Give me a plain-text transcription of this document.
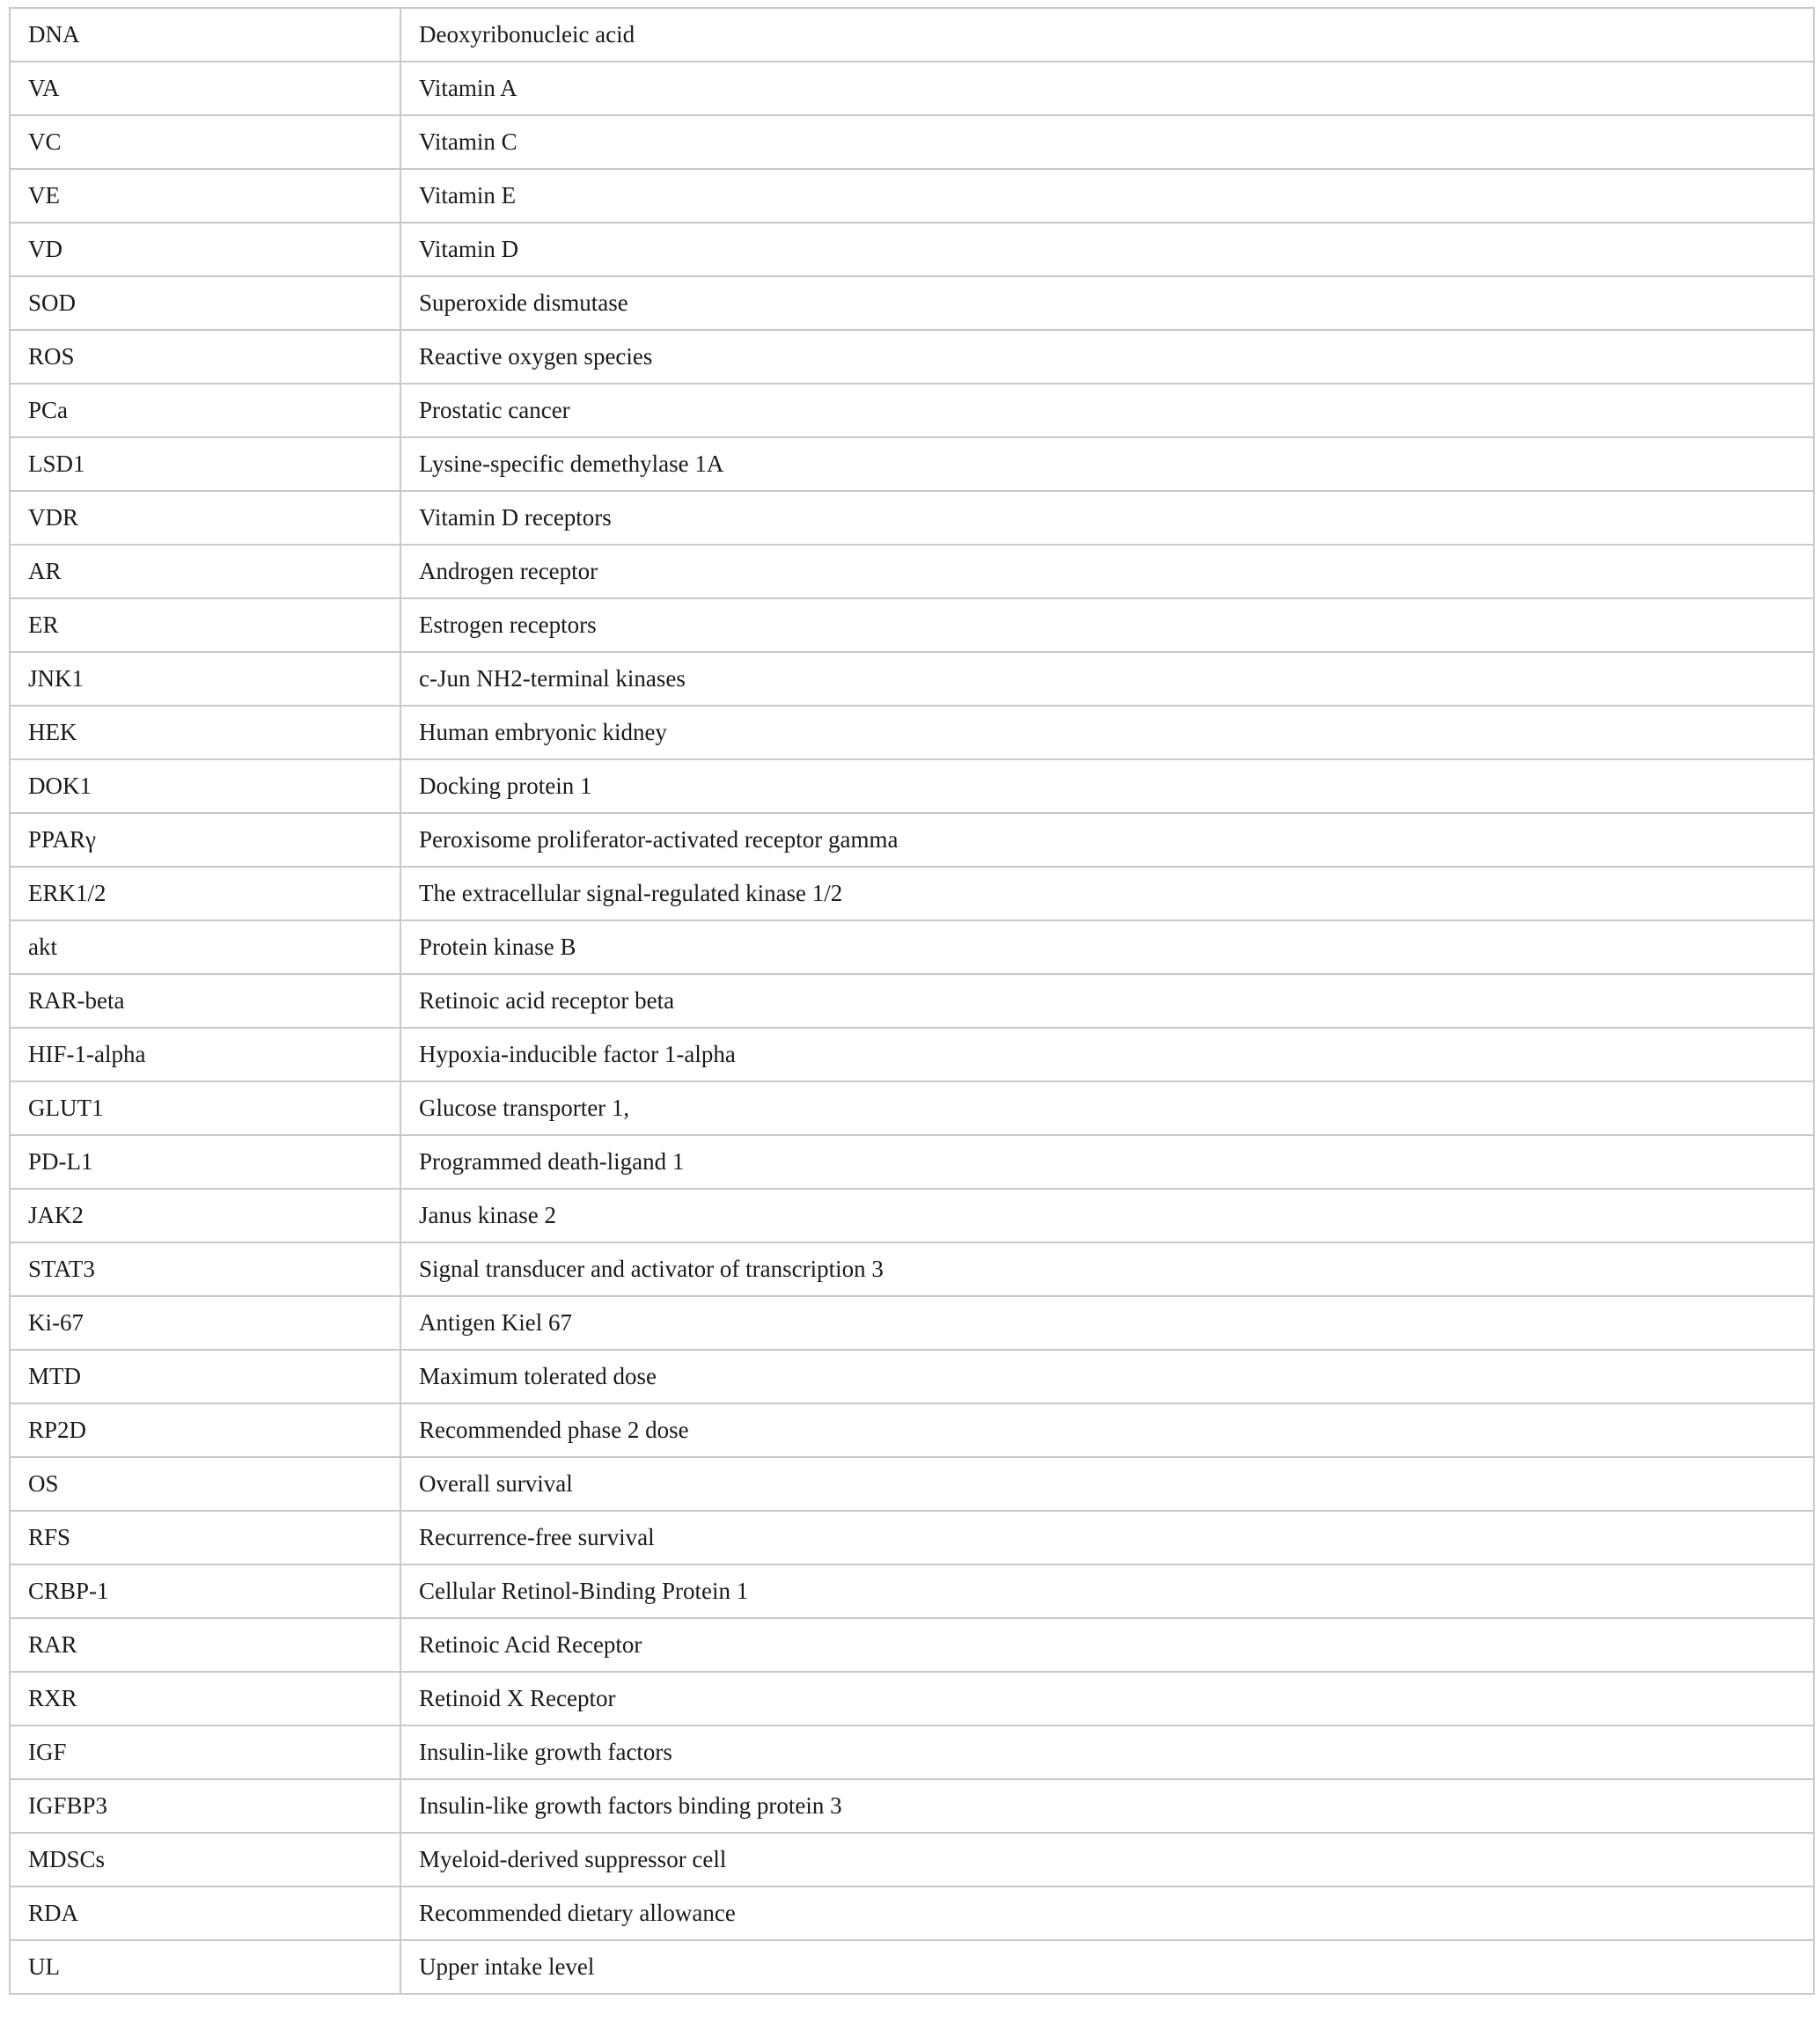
DNA	Deoxyribonucleic acid
VA	Vitamin A
VC	Vitamin C
VE	Vitamin E
VD	Vitamin D
SOD	Superoxide dismutase
ROS	Reactive oxygen species
PCa	Prostatic cancer
LSD1	Lysine-specific demethylase 1A
VDR	Vitamin D receptors
AR	Androgen receptor
ER	Estrogen receptors
JNK1	c-Jun NH2-terminal kinases
HEK	Human embryonic kidney
DOK1	Docking protein 1
PPARγ	Peroxisome proliferator-activated receptor gamma
ERK1/2	The extracellular signal-regulated kinase 1/2
akt	Protein kinase B
RAR-beta	Retinoic acid receptor beta
HIF-1-alpha	Hypoxia-inducible factor 1-alpha
GLUT1	Glucose transporter 1,
PD-L1	Programmed death-ligand 1
JAK2	Janus kinase 2
STAT3	Signal transducer and activator of transcription 3
Ki-67	Antigen Kiel 67
MTD	Maximum tolerated dose
RP2D	Recommended phase 2 dose
OS	Overall survival
RFS	Recurrence-free survival
CRBP-1	Cellular Retinol-Binding Protein 1
RAR	Retinoic Acid Receptor
RXR	Retinoid X Receptor
IGF	Insulin-like growth factors
IGFBP3	Insulin-like growth factors binding protein 3
MDSCs	Myeloid-derived suppressor cell
RDA	Recommended dietary allowance
UL	Upper intake level
